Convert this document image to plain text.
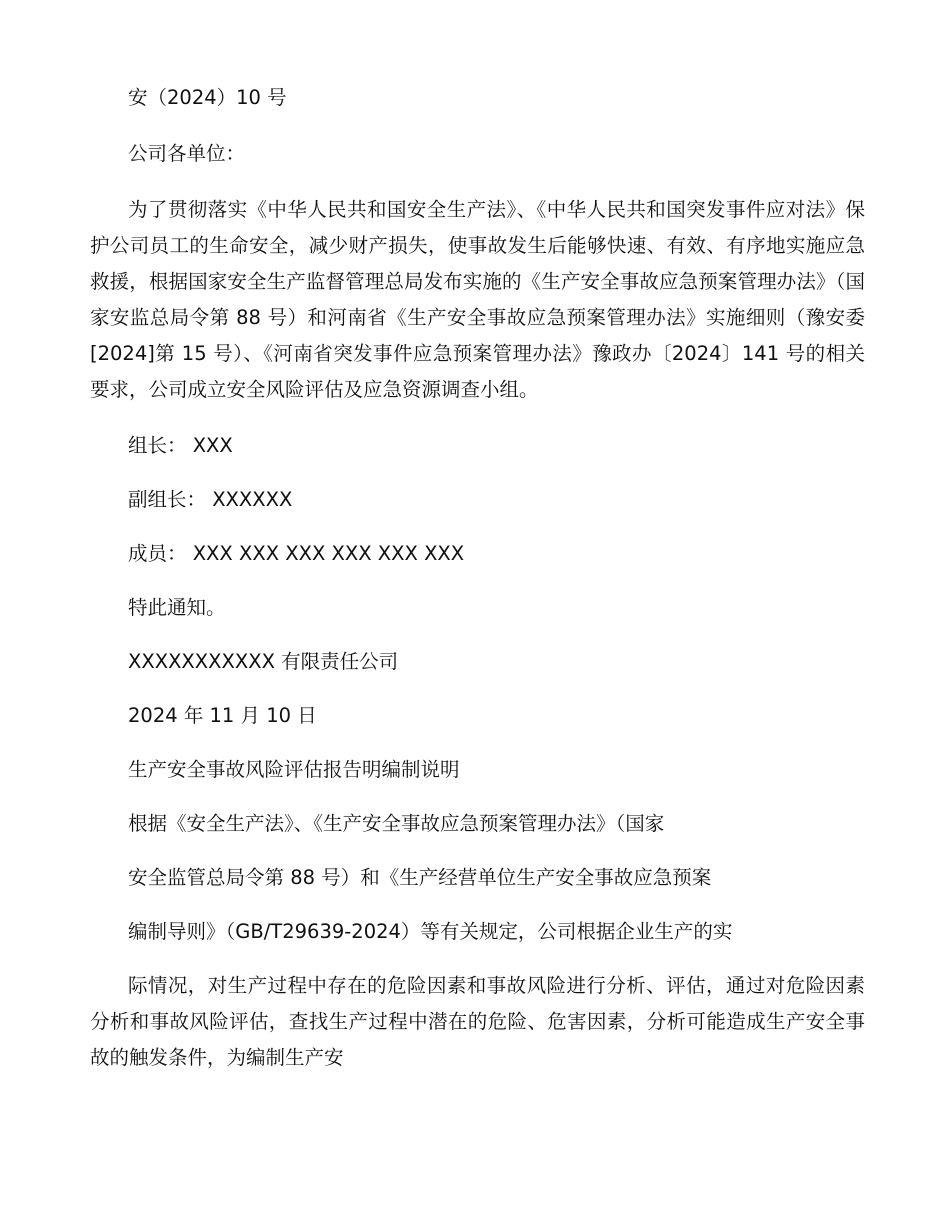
安（2024）10 号

公司各单位：

为了贯彻落实《中华人民共和国安全生产法》、《中华人民共和国突发事件应对法》保护公司员工的生命安全，减少财产损失，使事故发生后能够快速、有效、有序地实施应急救援，根据国家安全生产监督管理总局发布实施的《生产安全事故应急预案管理办法》（国家安监总局令第 88 号）和河南省《生产安全事故应急预案管理办法》实施细则（豫安委[2024]第 15 号）、《河南省突发事件应急预案管理办法》豫政办〔2024〕141 号的相关要求，公司成立安全风险评估及应急资源调查小组。

组长： XXX

副组长： XXXXXX

成员： XXX XXX XXX XXX XXX XXX

特此通知。

XXXXXXXXXXX 有限责任公司

2024 年 11 月 10 日

生产安全事故风险评估报告明编制说明

根据《安全生产法》、《生产安全事故应急预案管理办法》（国家

安全监管总局令第 88 号）和《生产经营单位生产安全事故应急预案

编制导则》（GB/T29639-2024）等有关规定，公司根据企业生产的实

际情况，对生产过程中存在的危险因素和事故风险进行分析、评估，通过对危险因素分析和事故风险评估，查找生产过程中潜在的危险、危害因素，分析可能造成生产安全事故的触发条件，为编制生产安
